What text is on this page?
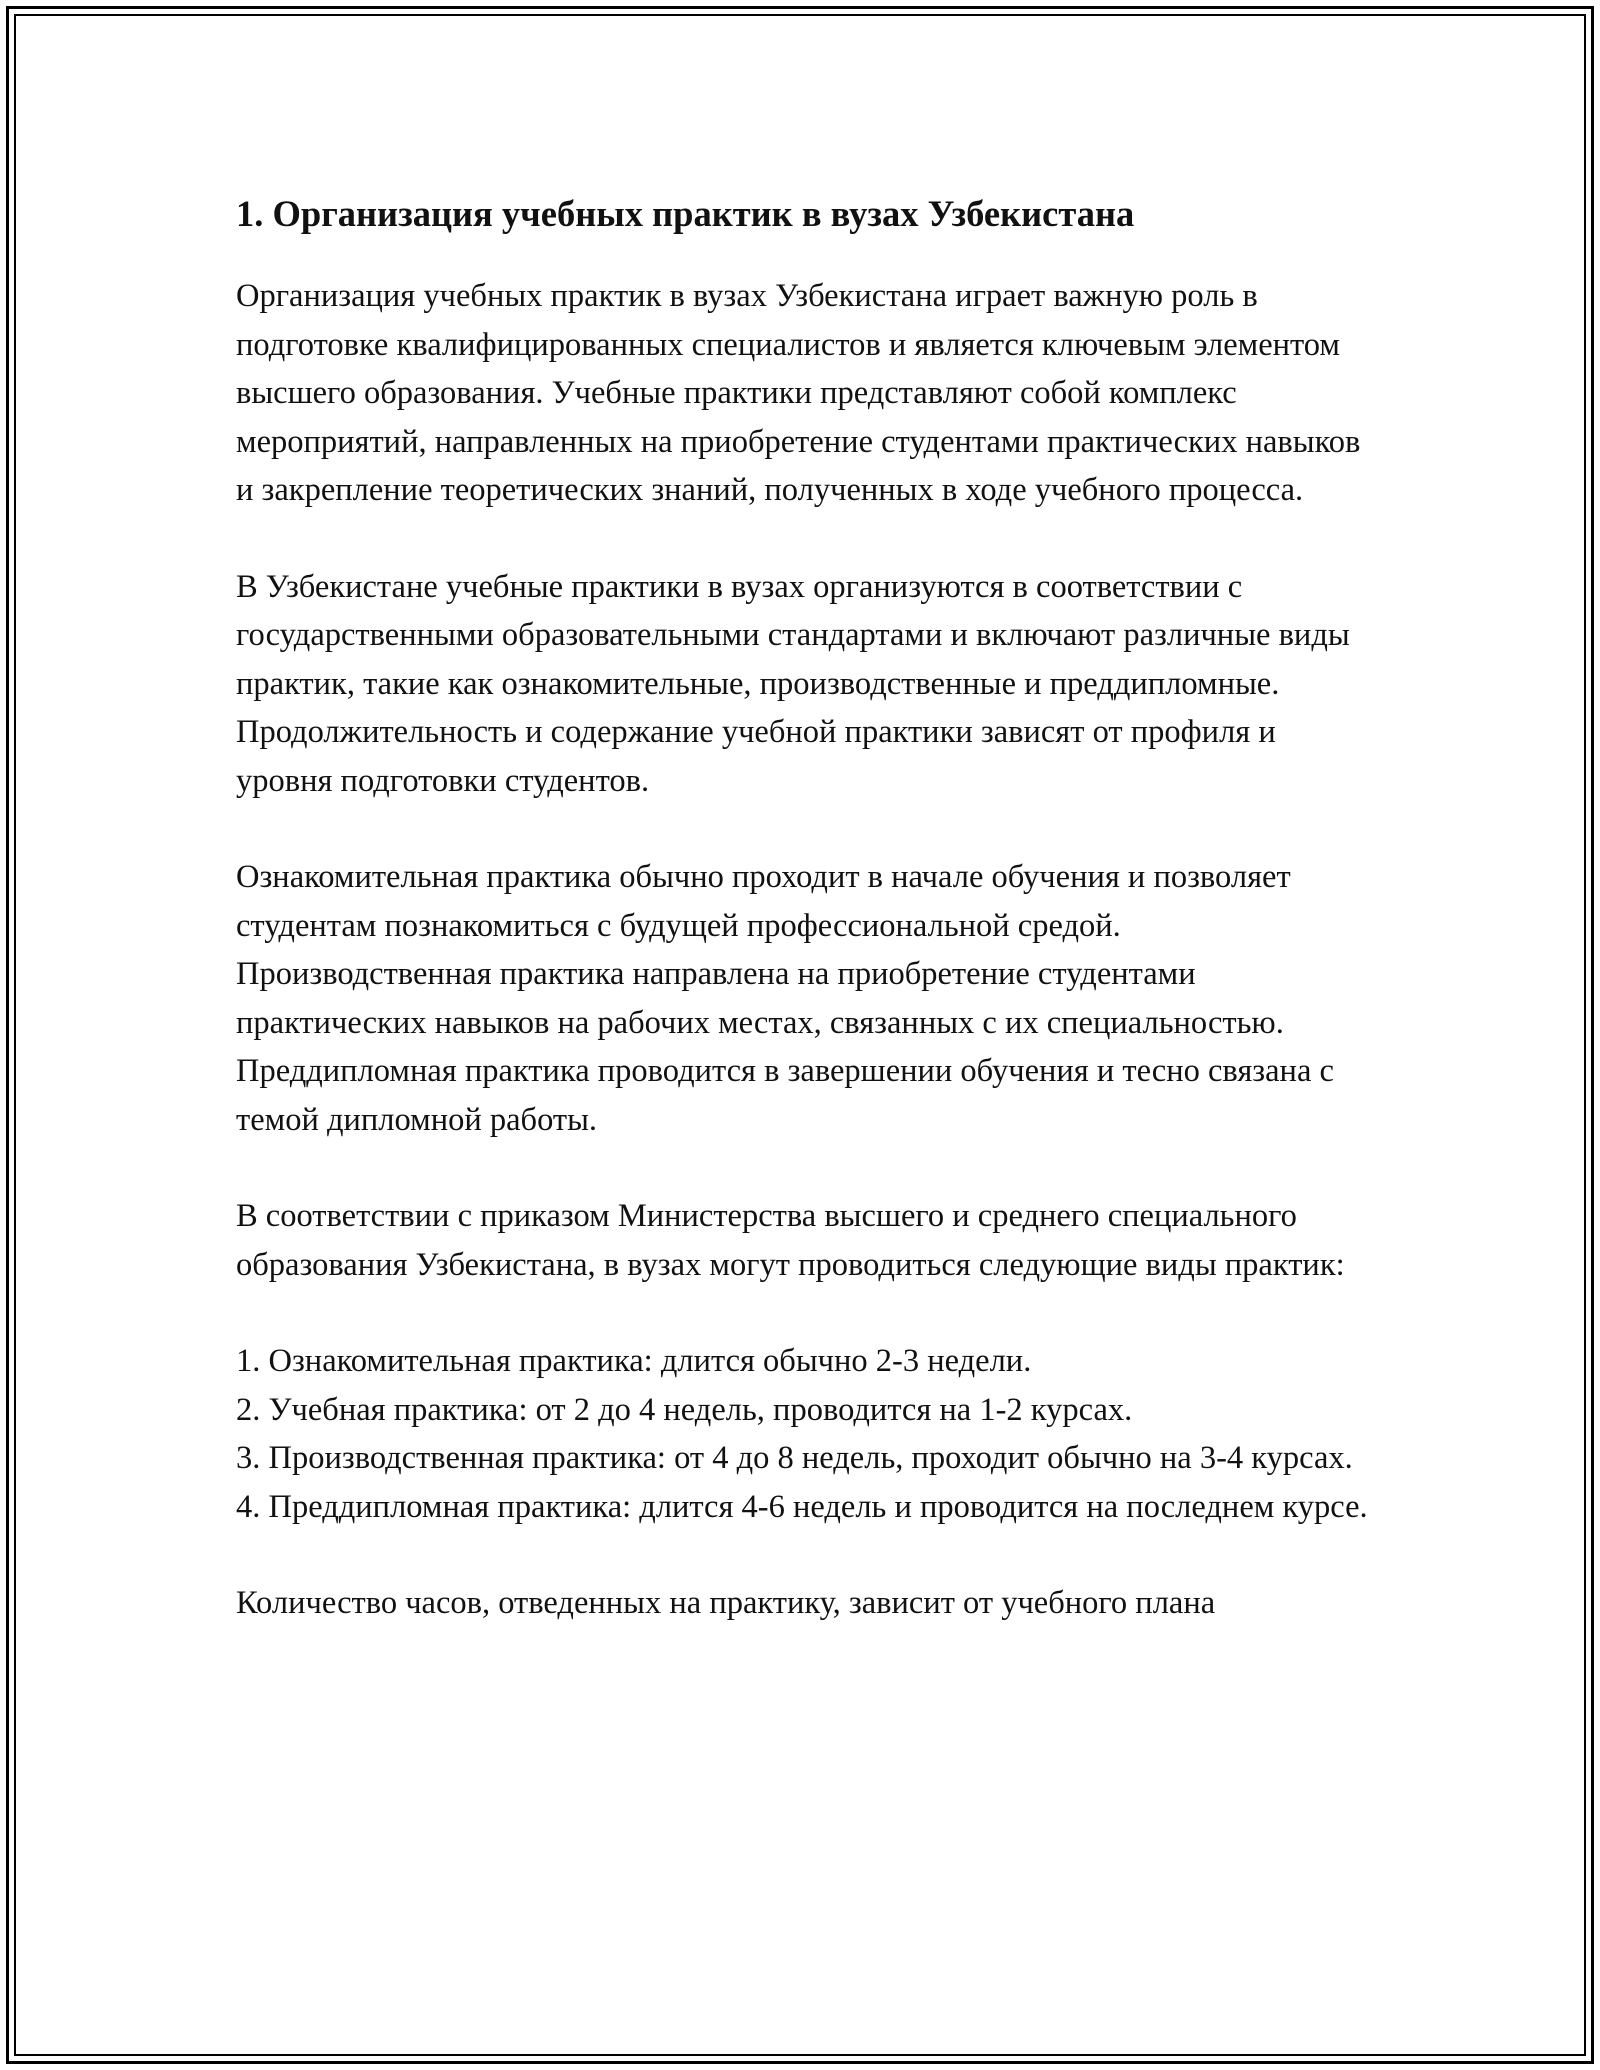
1. Организация учебных практик в вузах Узбекистана

Организация учебных практик в вузах Узбекистана играет важную роль в подготовке квалифицированных специалистов и является ключевым элементом высшего образования. Учебные практики представляют собой комплекс мероприятий, направленных на приобретение студентами практических навыков и закрепление теоретических знаний, полученных в ходе учебного процесса.

В Узбекистане учебные практики в вузах организуются в соответствии с государственными образовательными стандартами и включают различные виды практик, такие как ознакомительные, производственные и преддипломные. Продолжительность и содержание учебной практики зависят от профиля и уровня подготовки студентов.

Ознакомительная практика обычно проходит в начале обучения и позволяет студентам познакомиться с будущей профессиональной средой. Производственная практика направлена на приобретение студентами практических навыков на рабочих местах, связанных с их специальностью. Преддипломная практика проводится в завершении обучения и тесно связана с темой дипломной работы.

В соответствии с приказом Министерства высшего и среднего специального образования Узбекистана, в вузах могут проводиться следующие виды практик:

1. Ознакомительная практика: длится обычно 2-3 недели.
2. Учебная практика: от 2 до 4 недель, проводится на 1-2 курсах.
3. Производственная практика: от 4 до 8 недель, проходит обычно на 3-4 курсах.
4. Преддипломная практика: длится 4-6 недель и проводится на последнем курсе.

Количество часов, отведенных на практику, зависит от учебного плана
